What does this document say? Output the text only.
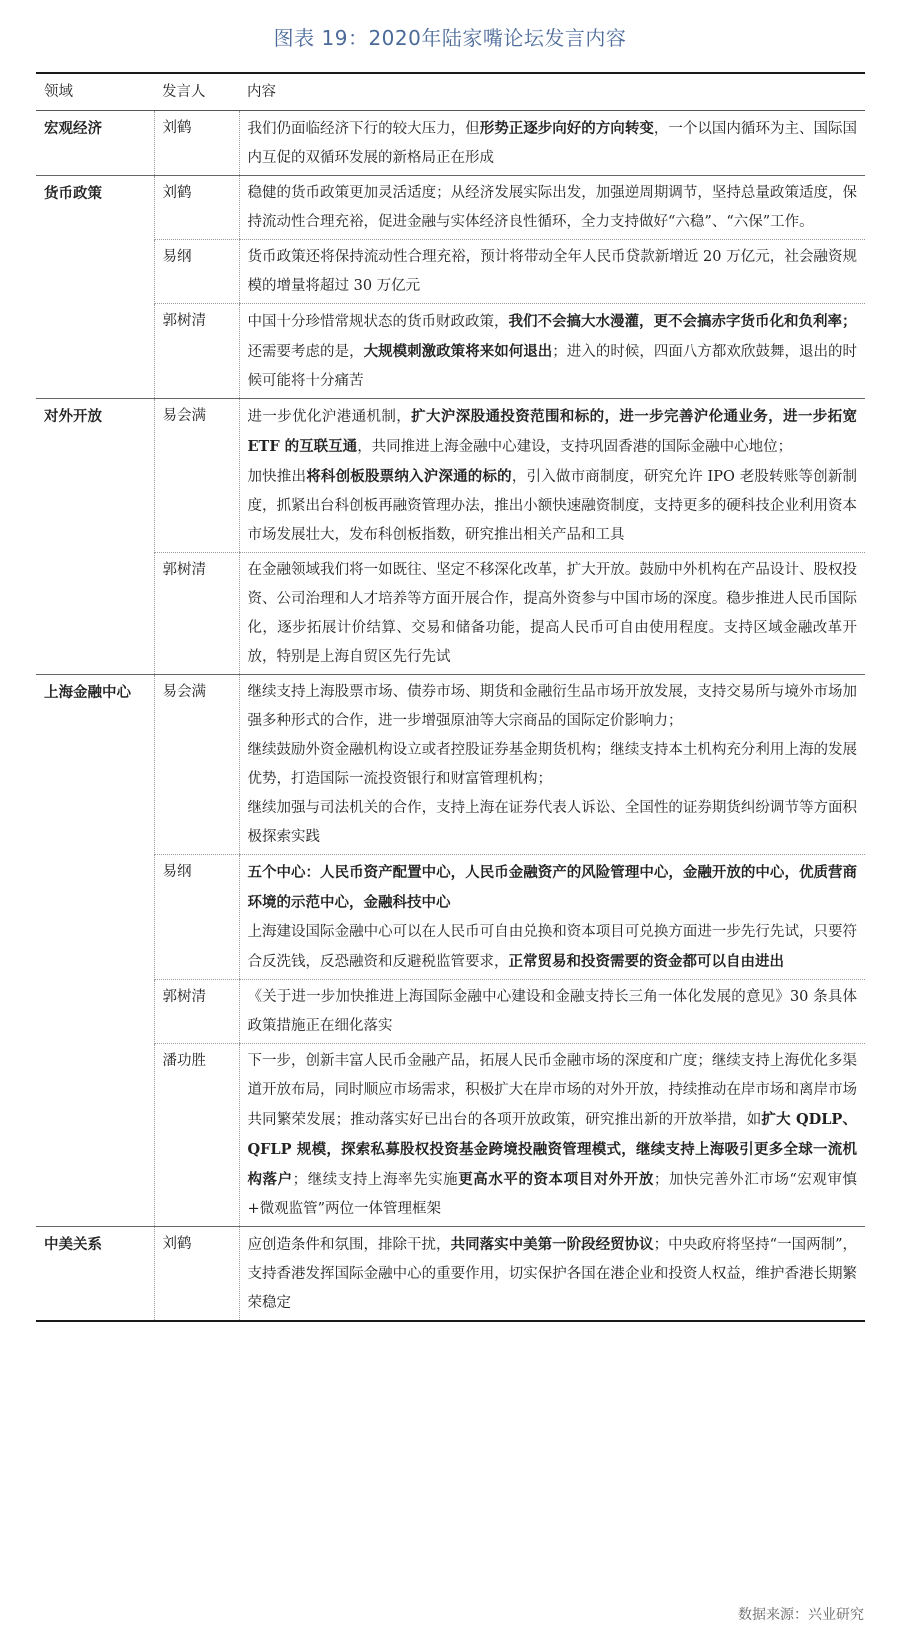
图表 19：2020年陆家嘴论坛发言内容
领域	发言人	内容
宏观经济	刘鹤	我们仍面临经济下行的较大压力，但形势正逐步向好的方向转变，一个以国内循环为主、国际国内互促的双循环发展的新格局正在形成

货币政策	刘鹤	稳健的货币政策更加灵活适度；从经济发展实际出发，加强逆周期调节，坚持总量政策适度，保持流动性合理充裕，促进金融与实体经济良性循环，全力支持做好“六稳”、“六保”工作。

	易纲	货币政策还将保持流动性合理充裕，预计将带动全年人民币贷款新增近 20 万亿元，社会融资规模的增量将超过 30 万亿元

	郭树清	中国十分珍惜常规状态的货币财政政策，我们不会搞大水漫灌，更不会搞赤字货币化和负利率；
还需要考虑的是，大规模刺激政策将来如何退出；进入的时候，四面八方都欢欣鼓舞，退出的时候可能将十分痛苦

对外开放	易会满	进一步优化沪港通机制，扩大沪深股通投资范围和标的，进一步完善沪伦通业务，进一步拓宽 ETF 的互联互通，共同推进上海金融中心建设，支持巩固香港的国际金融中心地位；
加快推出将科创板股票纳入沪深通的标的，引入做市商制度，研究允许 IPO 老股转账等创新制度，抓紧出台科创板再融资管理办法，推出小额快速融资制度，支持更多的硬科技企业利用资本市场发展壮大，发布科创板指数，研究推出相关产品和工具

	郭树清	在金融领域我们将一如既往、坚定不移深化改革，扩大开放。鼓励中外机构在产品设计、股权投资、公司治理和人才培养等方面开展合作，提高外资参与中国市场的深度。稳步推进人民币国际化，逐步拓展计价结算、交易和储备功能，提高人民币可自由使用程度。支持区域金融改革开放，特别是上海自贸区先行先试

上海金融中心	易会满	继续支持上海股票市场、债券市场、期货和金融衍生品市场开放发展，支持交易所与境外市场加强多种形式的合作，进一步增强原油等大宗商品的国际定价影响力；
继续鼓励外资金融机构设立或者控股证券基金期货机构；继续支持本土机构充分利用上海的发展优势，打造国际一流投资银行和财富管理机构；
继续加强与司法机关的合作，支持上海在证券代表人诉讼、全国性的证券期货纠纷调节等方面积极探索实践

	易纲	五个中心：人民币资产配置中心，人民币金融资产的风险管理中心，金融开放的中心，优质营商环境的示范中心，金融科技中心
上海建设国际金融中心可以在人民币可自由兑换和资本项目可兑换方面进一步先行先试，只要符合反洗钱，反恐融资和反避税监管要求，正常贸易和投资需要的资金都可以自由进出

	郭树清	《关于进一步加快推进上海国际金融中心建设和金融支持长三角一体化发展的意见》30 条具体政策措施正在细化落实

	潘功胜	下一步，创新丰富人民币金融产品，拓展人民币金融市场的深度和广度；继续支持上海优化多渠道开放布局，同时顺应市场需求，积极扩大在岸市场的对外开放，持续推动在岸市场和离岸市场共同繁荣发展；推动落实好已出台的各项开放政策，研究推出新的开放举措，如扩大 QDLP、QFLP 规模，探索私募股权投资基金跨境投融资管理模式，继续支持上海吸引更多全球一流机构落户；继续支持上海率先实施更高水平的资本项目对外开放；加快完善外汇市场“宏观审慎+微观监管”两位一体管理框架

中美关系	刘鹤	应创造条件和氛围，排除干扰，共同落实中美第一阶段经贸协议；中央政府将坚持“一国两制”，支持香港发挥国际金融中心的重要作用，切实保护各国在港企业和投资人权益，维护香港长期繁荣稳定
数据来源：兴业研究
